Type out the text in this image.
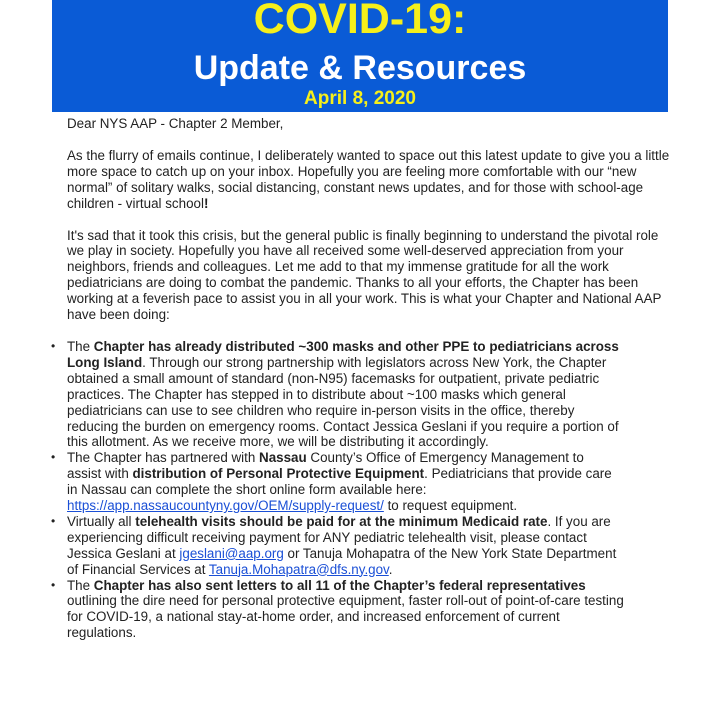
COVID-19:
Update & Resources
April 8, 2020

Dear NYS AAP - Chapter 2 Member,

As the flurry of emails continue, I deliberately wanted to space out this latest update to give you a little more space to catch up on your inbox. Hopefully you are feeling more comfortable with our “new normal” of solitary walks, social distancing, constant news updates, and for those with school-age children - virtual school!

It's sad that it took this crisis, but the general public is finally beginning to understand the pivotal role we play in society. Hopefully you have all received some well-deserved appreciation from your neighbors, friends and colleagues. Let me add to that my immense gratitude for all the work pediatricians are doing to combat the pandemic. Thanks to all your efforts, the Chapter has been working at a feverish pace to assist you in all your work. This is what your Chapter and National AAP have been doing:

• The Chapter has already distributed ~300 masks and other PPE to pediatricians across Long Island. Through our strong partnership with legislators across New York, the Chapter obtained a small amount of standard (non-N95) facemasks for outpatient, private pediatric practices. The Chapter has stepped in to distribute about ~100 masks which general pediatricians can use to see children who require in-person visits in the office, thereby reducing the burden on emergency rooms. Contact Jessica Geslani if you require a portion of this allotment. As we receive more, we will be distributing it accordingly.

• The Chapter has partnered with Nassau County’s Office of Emergency Management to assist with distribution of Personal Protective Equipment. Pediatricians that provide care in Nassau can complete the short online form available here: https://app.nassaucountyny.gov/OEM/supply-request/ to request equipment.

• Virtually all telehealth visits should be paid for at the minimum Medicaid rate. If you are experiencing difficult receiving payment for ANY pediatric telehealth visit, please contact Jessica Geslani at jgeslani@aap.org or Tanuja Mohapatra of the New York State Department of Financial Services at Tanuja.Mohapatra@dfs.ny.gov.

• The Chapter has also sent letters to all 11 of the Chapter’s federal representatives outlining the dire need for personal protective equipment, faster roll-out of point-of-care testing for COVID-19, a national stay-at-home order, and increased enforcement of current regulations.
